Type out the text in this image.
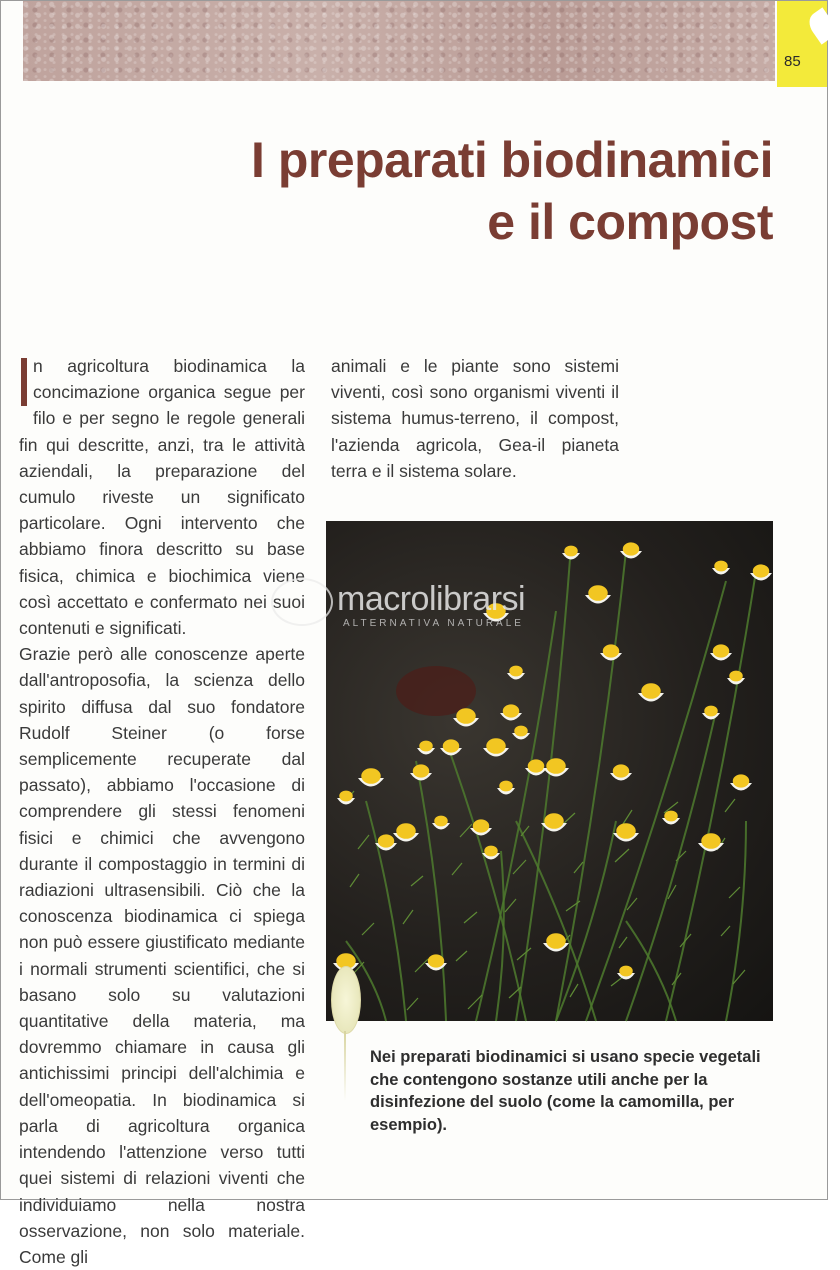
85
I preparati biodinamici
e il compost

n agricoltura biodinamica la concimazione organica segue per filo e per segno le regole generali fin qui descritte, anzi, tra le attività aziendali, la preparazione del cumulo riveste un significato particolare. Ogni intervento che abbiamo finora descritto su base fisica, chimica e biochimica viene così accettato e confermato nei suoi contenuti e significati.

Grazie però alle conoscenze aperte dall'antroposofia, la scienza dello spirito diffusa dal suo fondatore Rudolf Steiner (o forse semplicemente recuperate dal passato), abbiamo l'occasione di comprendere gli stessi fenomeni fisici e chimici che avvengono durante il compostaggio in termini di radiazioni ultrasensibili. Ciò che la conoscenza biodinamica ci spiega non può essere giustificato mediante i normali strumenti scientifici, che si basano solo su valutazioni quantitative della materia, ma dovremmo chiamare in causa gli antichissimi principi dell'alchimia e dell'omeopatia. In biodinamica si parla di agricoltura organica intendendo l'attenzione verso tutti quei sistemi di relazioni viventi che individuiamo nella nostra osservazione, non solo materiale. Come gli

animali e le piante sono sistemi viventi, così sono organismi viventi il sistema humus-terreno, il compost, l'azienda agricola, Gea-il pianeta terra e il sistema solare.

macrolibrarsi
ALTERNATIVA NATURALE

Nei preparati biodinamici si usano specie vegetali che contengono sostanze utili anche per la disinfezione del suolo (come la camomilla, per esempio).
